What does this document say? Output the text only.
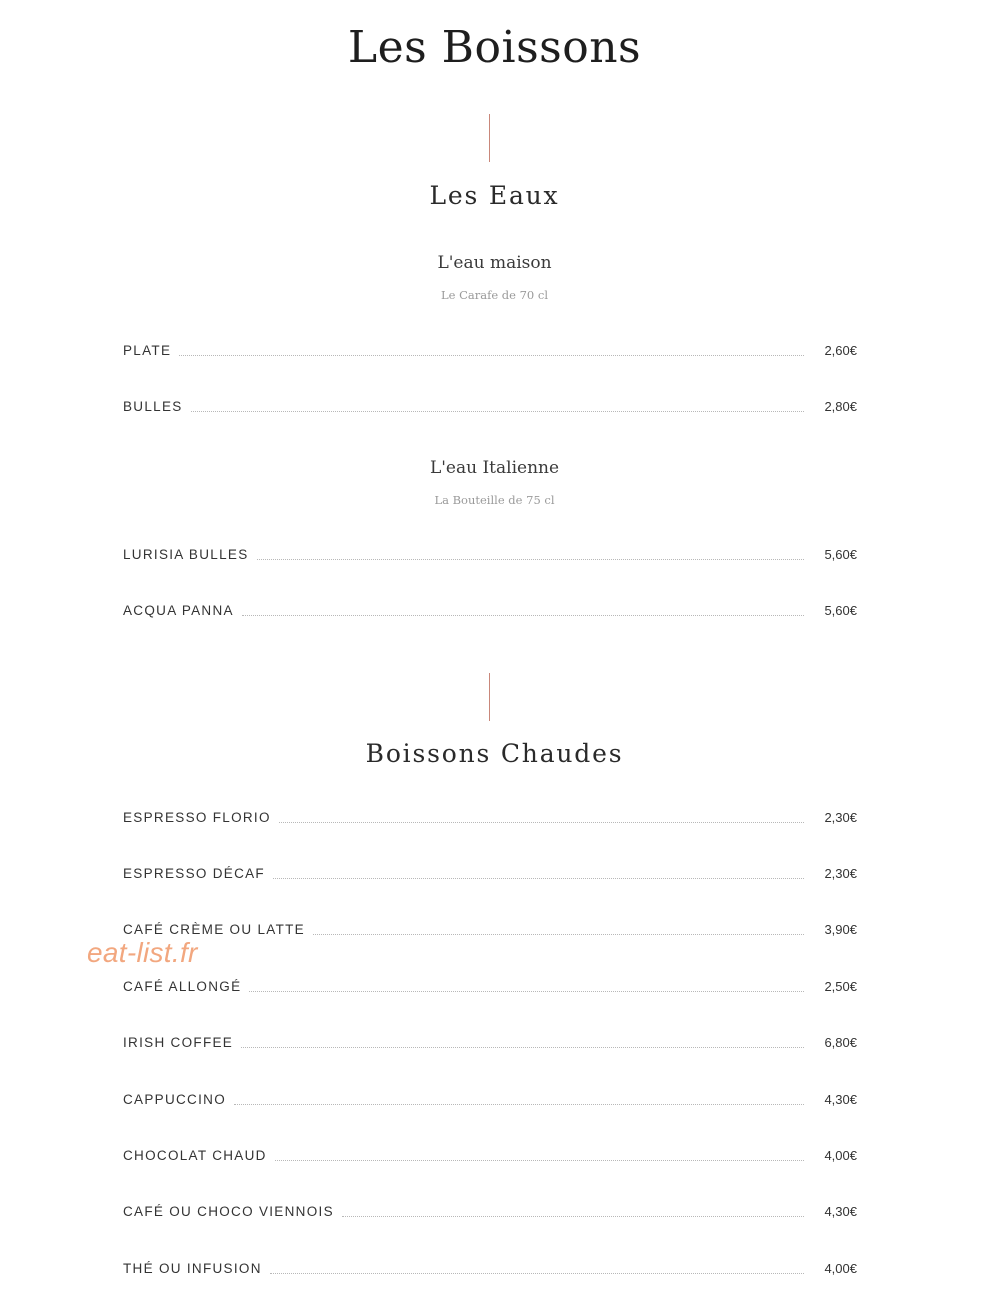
Les Boissons
Les Eaux
L'eau maison
Le Carafe de 70 cl
PLATE	2,60€
BULLES	2,80€
L'eau Italienne
La Bouteille de 75 cl
LURISIA BULLES	5,60€
ACQUA PANNA	5,60€
Boissons Chaudes
ESPRESSO FLORIO	2,30€
ESPRESSO DÉCAF	2,30€
CAFÉ CRÈME OU LATTE	3,90€
CAFÉ ALLONGÉ	2,50€
IRISH COFFEE	6,80€
CAPPUCCINO	4,30€
CHOCOLAT CHAUD	4,00€
CAFÉ OU CHOCO VIENNOIS	4,30€
THÉ OU INFUSION	4,00€
eat-list.fr
